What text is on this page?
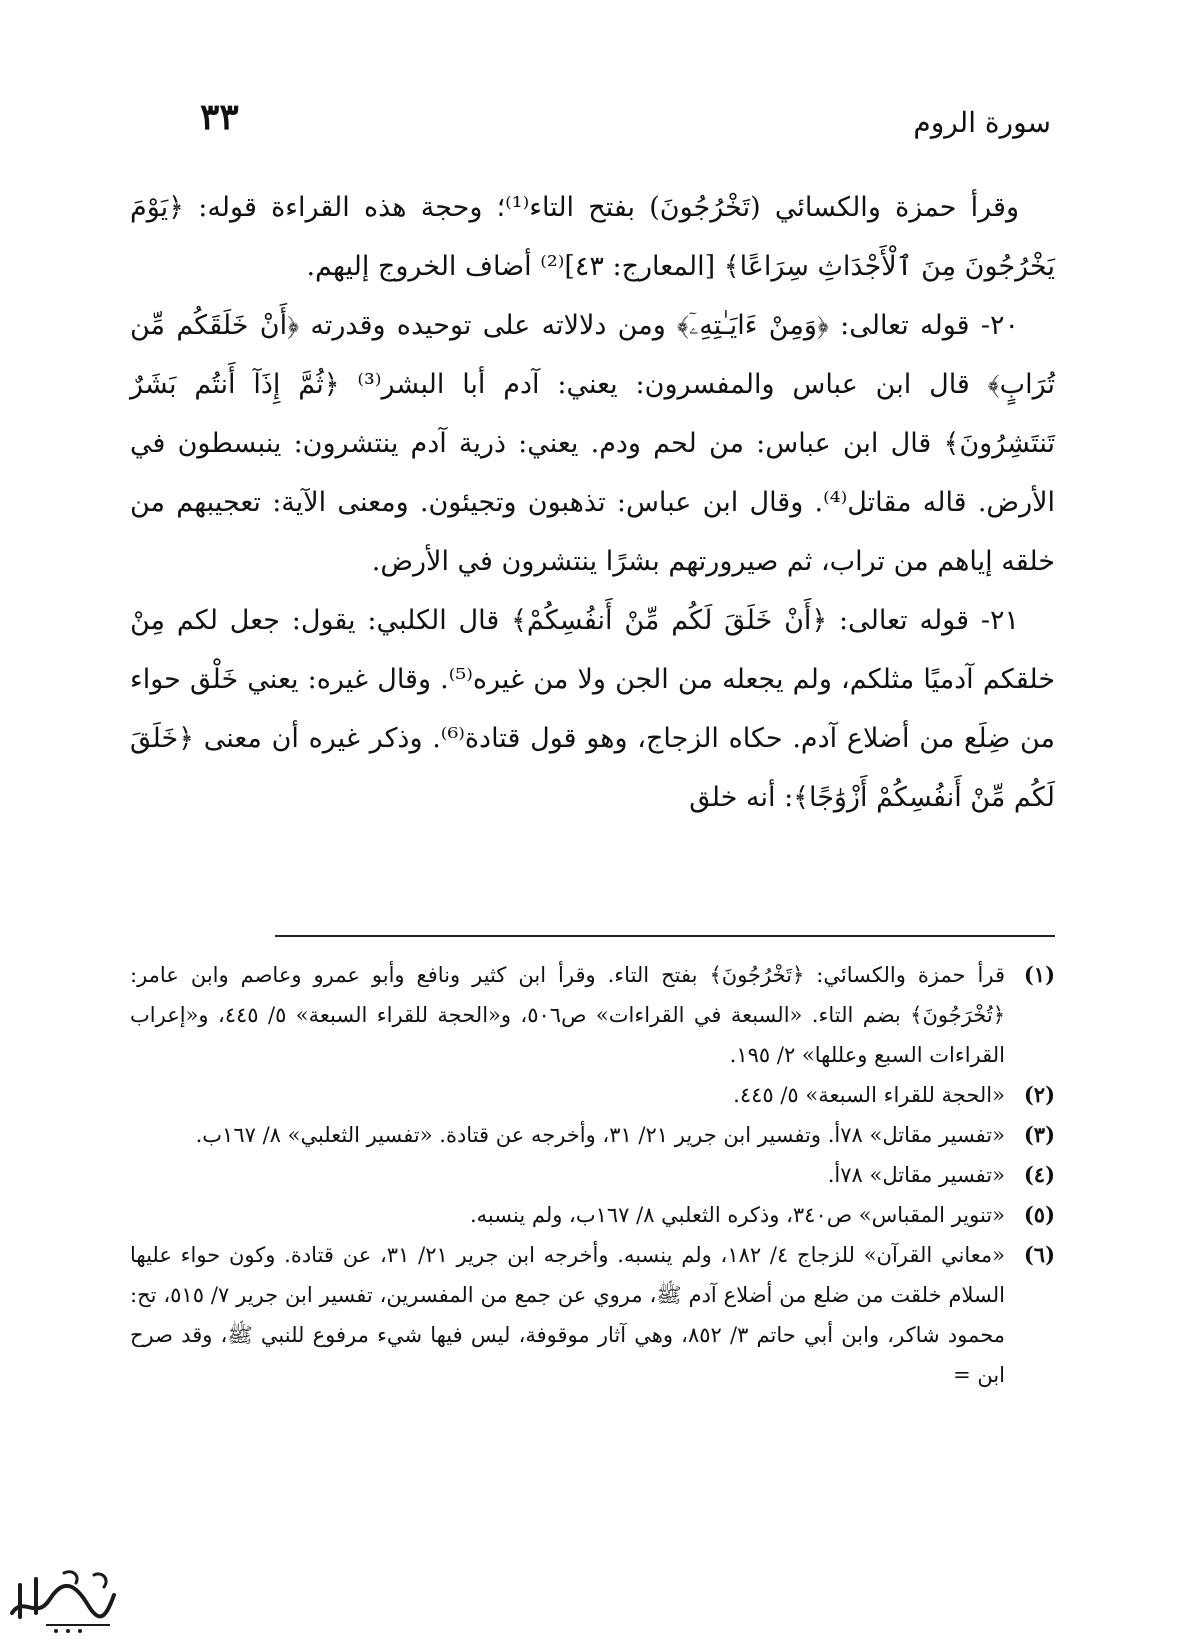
سورة الروم
٣٣

وقرأ حمزة والكسائي (تَخْرُجُونَ) بفتح التاء⁽¹⁾؛ وحجة هذه القراءة قوله: ﴿يَوْمَ يَخْرُجُونَ مِنَ ٱلْأَجْدَاثِ سِرَاعًا﴾ [المعارج: ٤٣]⁽²⁾ أضاف الخروج إليهم.

٢٠- قوله تعالى: ﴿وَمِنْ ءَايَـٰتِهِۦٓ﴾ ومن دلالاته على توحيده وقدرته ﴿أَنْ خَلَقَكُم مِّن تُرَابٍ﴾ قال ابن عباس والمفسرون: يعني: آدم أبا البشر⁽³⁾ ﴿ثُمَّ إِذَآ أَنتُم بَشَرٌ تَنتَشِرُونَ﴾ قال ابن عباس: من لحم ودم. يعني: ذرية آدم ينتشرون: ينبسطون في الأرض. قاله مقاتل⁽⁴⁾. وقال ابن عباس: تذهبون وتجيئون. ومعنى الآية: تعجيبهم من خلقه إياهم من تراب، ثم صيرورتهم بشرًا ينتشرون في الأرض.

٢١- قوله تعالى: ﴿أَنْ خَلَقَ لَكُم مِّنْ أَنفُسِكُمْ﴾ قال الكلبي: يقول: جعل لكم مِنْ خلقكم آدميًا مثلكم، ولم يجعله من الجن ولا من غيره⁽⁵⁾. وقال غيره: يعني خَلْق حواء من ضِلَع من أضلاع آدم. حكاه الزجاج، وهو قول قتادة⁽⁶⁾. وذكر غيره أن معنى ﴿خَلَقَ لَكُم مِّنْ أَنفُسِكُمْ أَزْوَٰجًا﴾: أنه خلق

(١)
قرأ حمزة والكسائي: ﴿تَخْرُجُونَ﴾ بفتح التاء. وقرأ ابن كثير ونافع وأبو عمرو وعاصم وابن عامر: ﴿تُخْرَجُونَ﴾ بضم التاء. «السبعة في القراءات» ص٥٠٦، و«الحجة للقراء السبعة» ٥/ ٤٤٥، و«إعراب القراءات السبع وعللها» ٢/ ١٩٥.
(٢)
«الحجة للقراء السبعة» ٥/ ٤٤٥.
(٣)
«تفسير مقاتل» ٧٨أ. وتفسير ابن جرير ٢١/ ٣١، وأخرجه عن قتادة. «تفسير الثعلبي» ٨/ ١٦٧ب.
(٤)
«تفسير مقاتل» ٧٨أ.
(٥)
«تنوير المقباس» ص٣٤٠، وذكره الثعلبي ٨/ ١٦٧ب، ولم ينسبه.
(٦)
«معاني القرآن» للزجاج ٤/ ١٨٢، ولم ينسبه. وأخرجه ابن جرير ٢١/ ٣١، عن قتادة. وكون حواء عليها السلام خلقت من ضلع من أضلاع آدم ﷺ، مروي عن جمع من المفسرين، تفسير ابن جرير ٧/ ٥١٥، تح: محمود شاكر، وابن أبي حاتم ٣/ ٨٥٢، وهي آثار موقوفة، ليس فيها شيء مرفوع للنبي ﷺ، وقد صرح ابن =
